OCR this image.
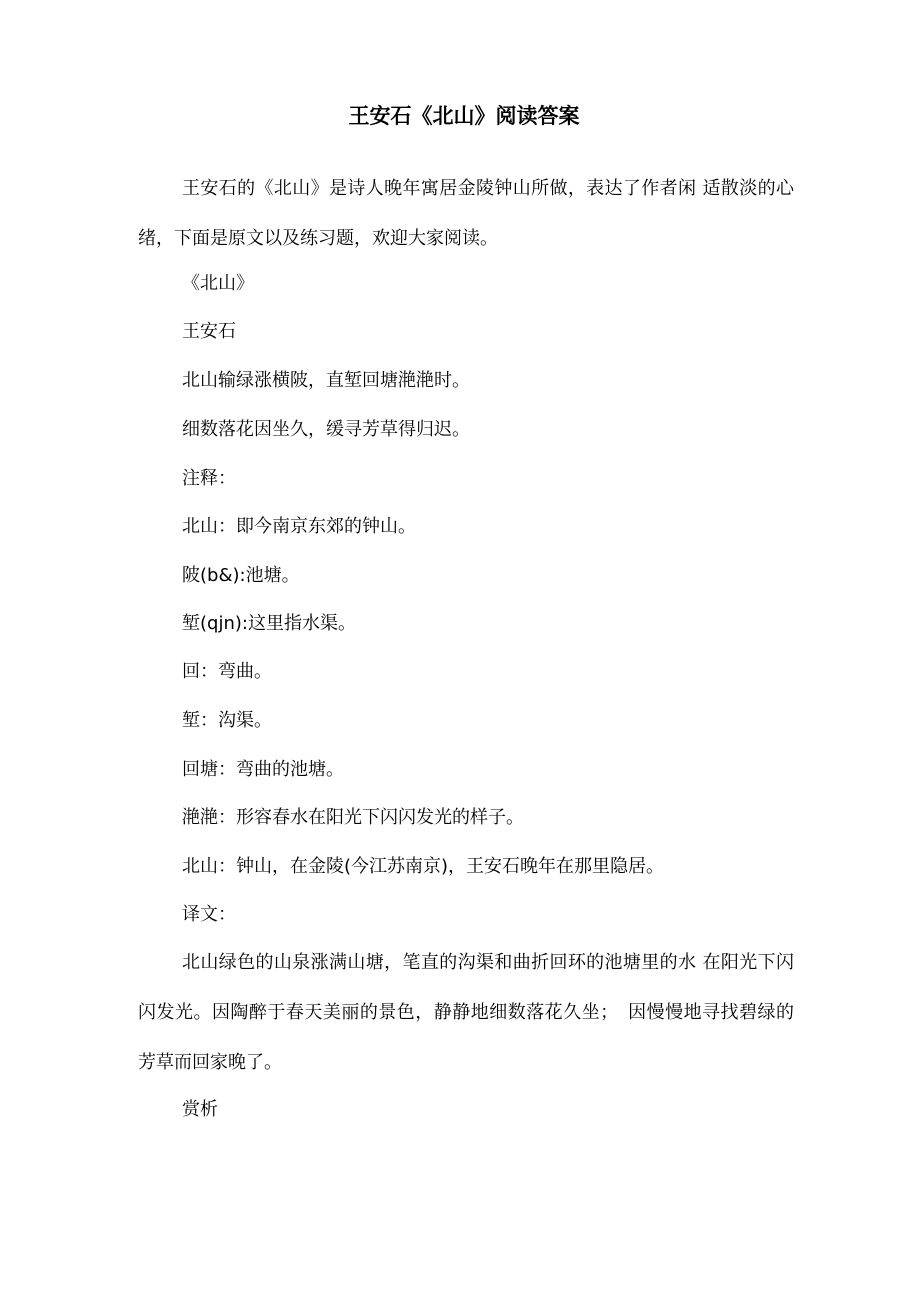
王安石《北山》阅读答案

王安石的《北山》是诗人晚年寓居金陵钟山所做，表达了作者闲 适散淡的心绪，下面是原文以及练习题，欢迎大家阅读。

《北山》

王安石

北山输绿涨横陂，直堑回塘滟滟时。

细数落花因坐久，缓寻芳草得归迟。

注释：

北山：即今南京东郊的钟山。

陂(b&):池塘。

堑(qjn):这里指水渠。

回：弯曲。

堑：沟渠。

回塘：弯曲的池塘。

滟滟：形容春水在阳光下闪闪发光的样子。

北山：钟山，在金陵(今江苏南京)，王安石晚年在那里隐居。

译文：

北山绿色的山泉涨满山塘，笔直的沟渠和曲折回环的池塘里的水 在阳光下闪闪发光。因陶醉于春天美丽的景色，静静地细数落花久坐；　因慢慢地寻找碧绿的芳草而回家晚了。

赏析
